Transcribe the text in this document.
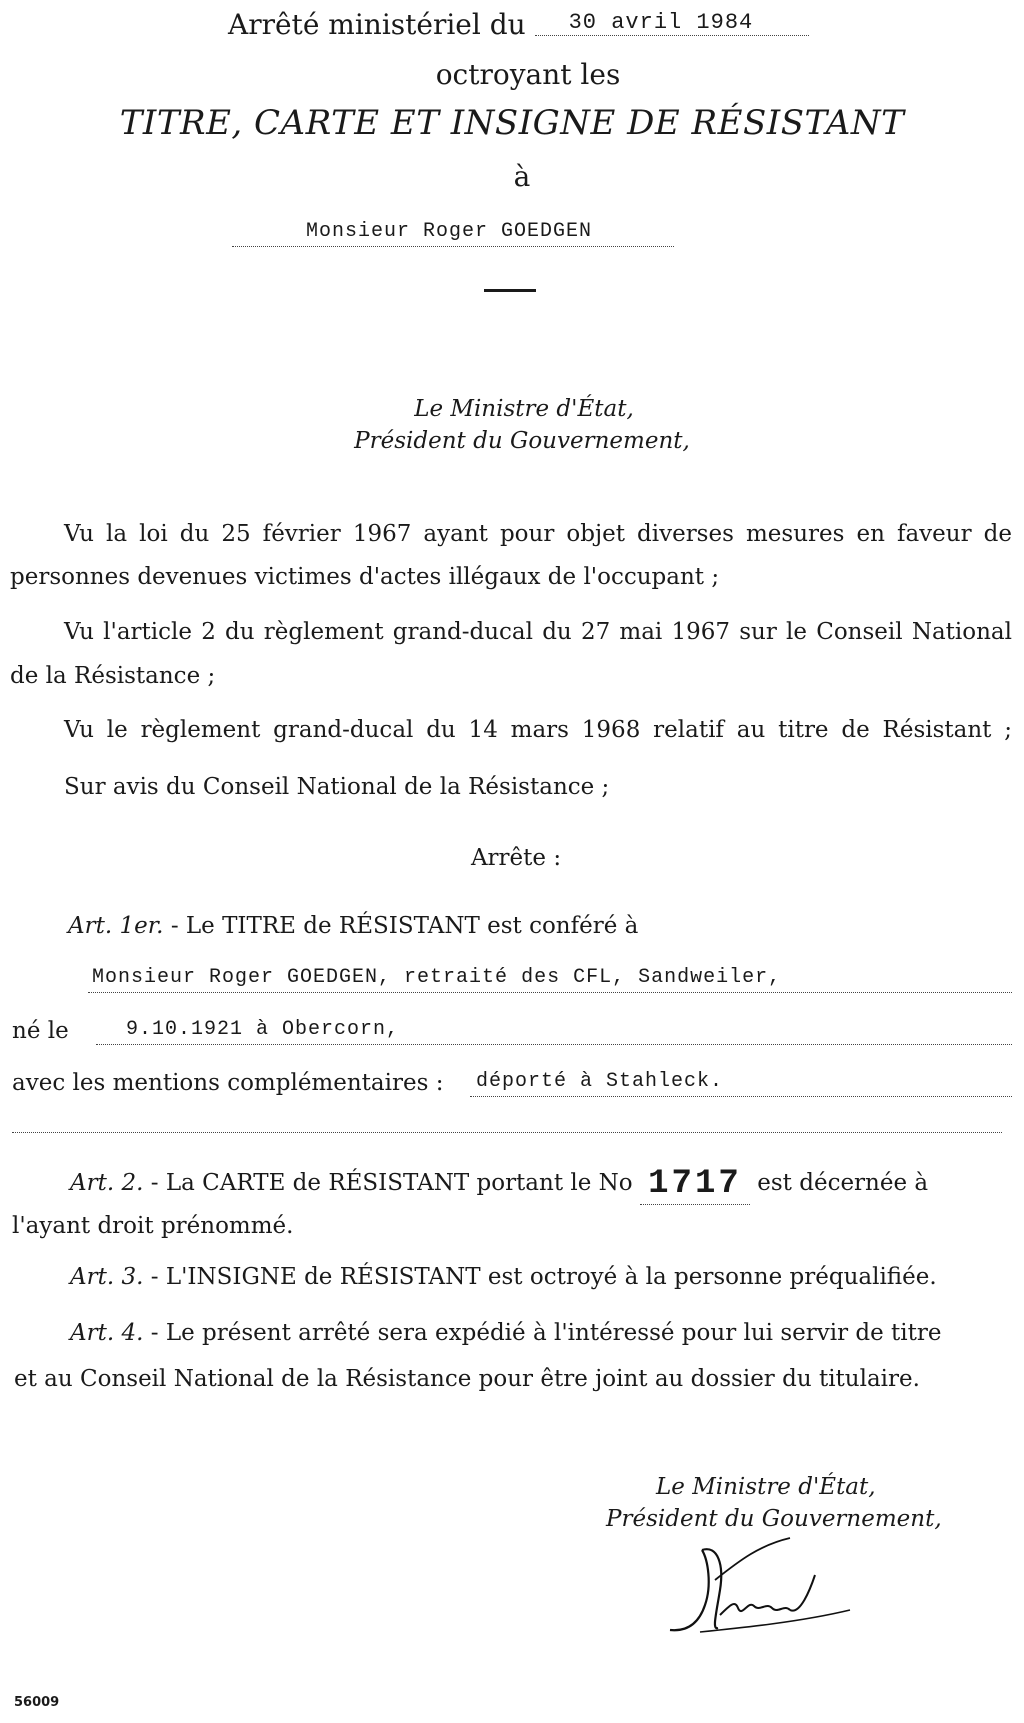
Arrêté ministériel du 30 avril 1984
octroyant les
TITRE, CARTE ET INSIGNE DE RÉSISTANT
à
Monsieur Roger GOEDGEN
Le Ministre d'État,
Président du Gouvernement,
Vu la loi du 25 février 1967 ayant pour objet diverses mesures en faveur de
personnes devenues victimes d'actes illégaux de l'occupant ;
Vu l'article 2 du règlement grand-ducal du 27 mai 1967 sur le Conseil National
de la Résistance ;
Vu le règlement grand-ducal du 14 mars 1968 relatif au titre de Résistant ;
Sur avis du Conseil National de la Résistance ;
Arrête :
Art. 1er. - Le TITRE de RÉSISTANT est conféré à
Monsieur Roger GOEDGEN, retraité des CFL, Sandweiler,
né le	9.10.1921 à Obercorn,
avec les mentions complémentaires : déporté à Stahleck.
Art. 2. - La CARTE de RÉSISTANT portant le No 1717 est décernée à
l'ayant droit prénommé.
Art. 3. - L'INSIGNE de RÉSISTANT est octroyé à la personne préqualifiée.
Art. 4. - Le présent arrêté sera expédié à l'intéressé pour lui servir de titre
et au Conseil National de la Résistance pour être joint au dossier du titulaire.
Le Ministre d'État,
Président du Gouvernement,
56009
